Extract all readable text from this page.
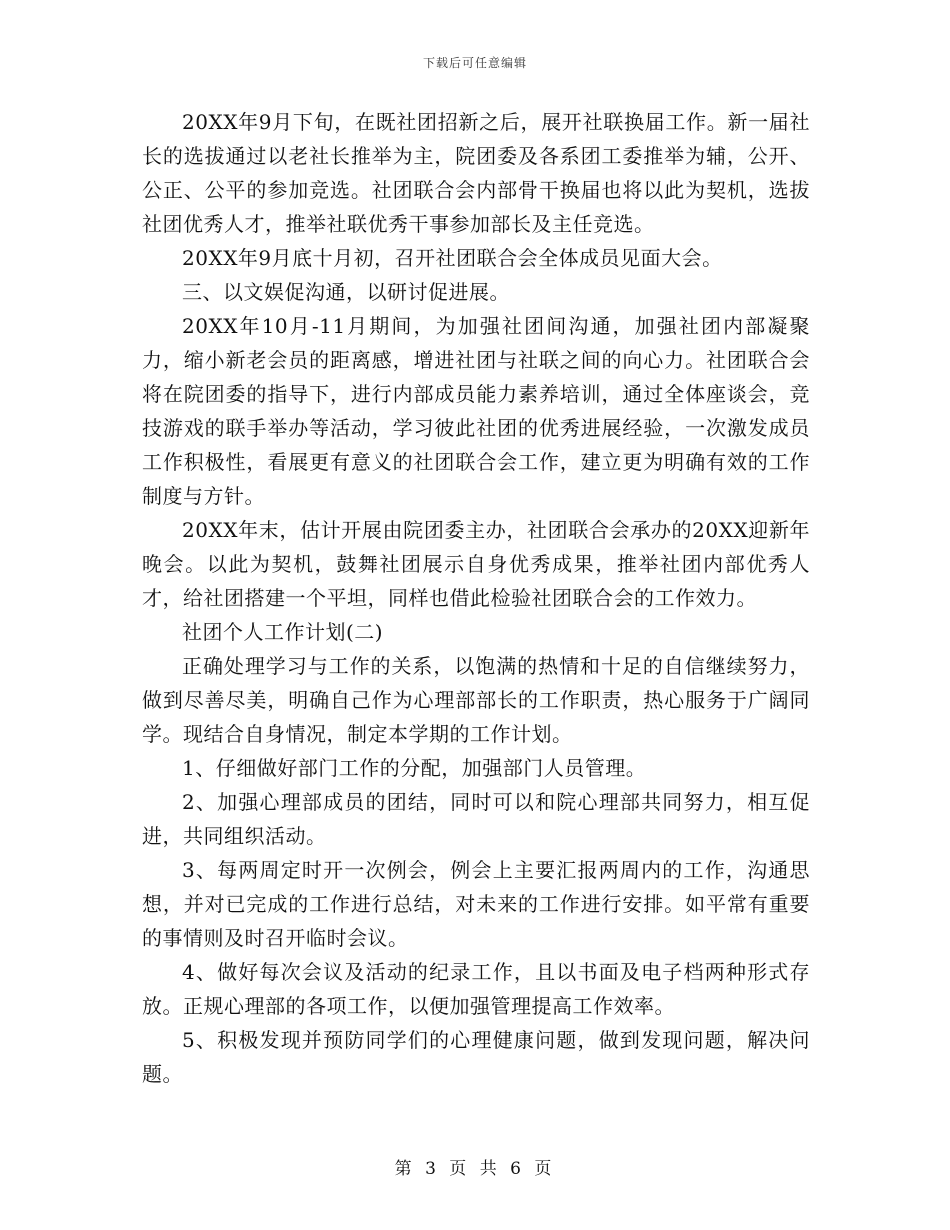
下载后可任意编辑

20XX年9月下旬，在既社团招新之后，展开社联换届工作。新一届社长的选拔通过以老社长推举为主，院团委及各系团工委推举为辅，公开、公正、公平的参加竞选。社团联合会内部骨干换届也将以此为契机，选拔社团优秀人才，推举社联优秀干事参加部长及主任竞选。

20XX年9月底十月初，召开社团联合会全体成员见面大会。

三、以文娱促沟通，以研讨促进展。

20XX年10月-11月期间，为加强社团间沟通，加强社团内部凝聚力，缩小新老会员的距离感，增进社团与社联之间的向心力。社团联合会将在院团委的指导下，进行内部成员能力素养培训，通过全体座谈会，竞技游戏的联手举办等活动，学习彼此社团的优秀进展经验，一次激发成员工作积极性，看展更有意义的社团联合会工作，建立更为明确有效的工作制度与方针。

20XX年末，估计开展由院团委主办，社团联合会承办的20XX迎新年晚会。以此为契机，鼓舞社团展示自身优秀成果，推举社团内部优秀人才，给社团搭建一个平坦，同样也借此检验社团联合会的工作效力。

社团个人工作计划(二)

正确处理学习与工作的关系，以饱满的热情和十足的自信继续努力，做到尽善尽美，明确自己作为心理部部长的工作职责，热心服务于广阔同学。现结合自身情况，制定本学期的工作计划。

1、仔细做好部门工作的分配，加强部门人员管理。

2、加强心理部成员的团结，同时可以和院心理部共同努力，相互促进，共同组织活动。

3、每两周定时开一次例会，例会上主要汇报两周内的工作，沟通思想，并对已完成的工作进行总结，对未来的工作进行安排。如平常有重要的事情则及时召开临时会议。

4、做好每次会议及活动的纪录工作，且以书面及电子档两种形式存放。正规心理部的各项工作，以便加强管理提高工作效率。

5、积极发现并预防同学们的心理健康问题，做到发现问题，解决问题。

第 3 页 共 6 页
